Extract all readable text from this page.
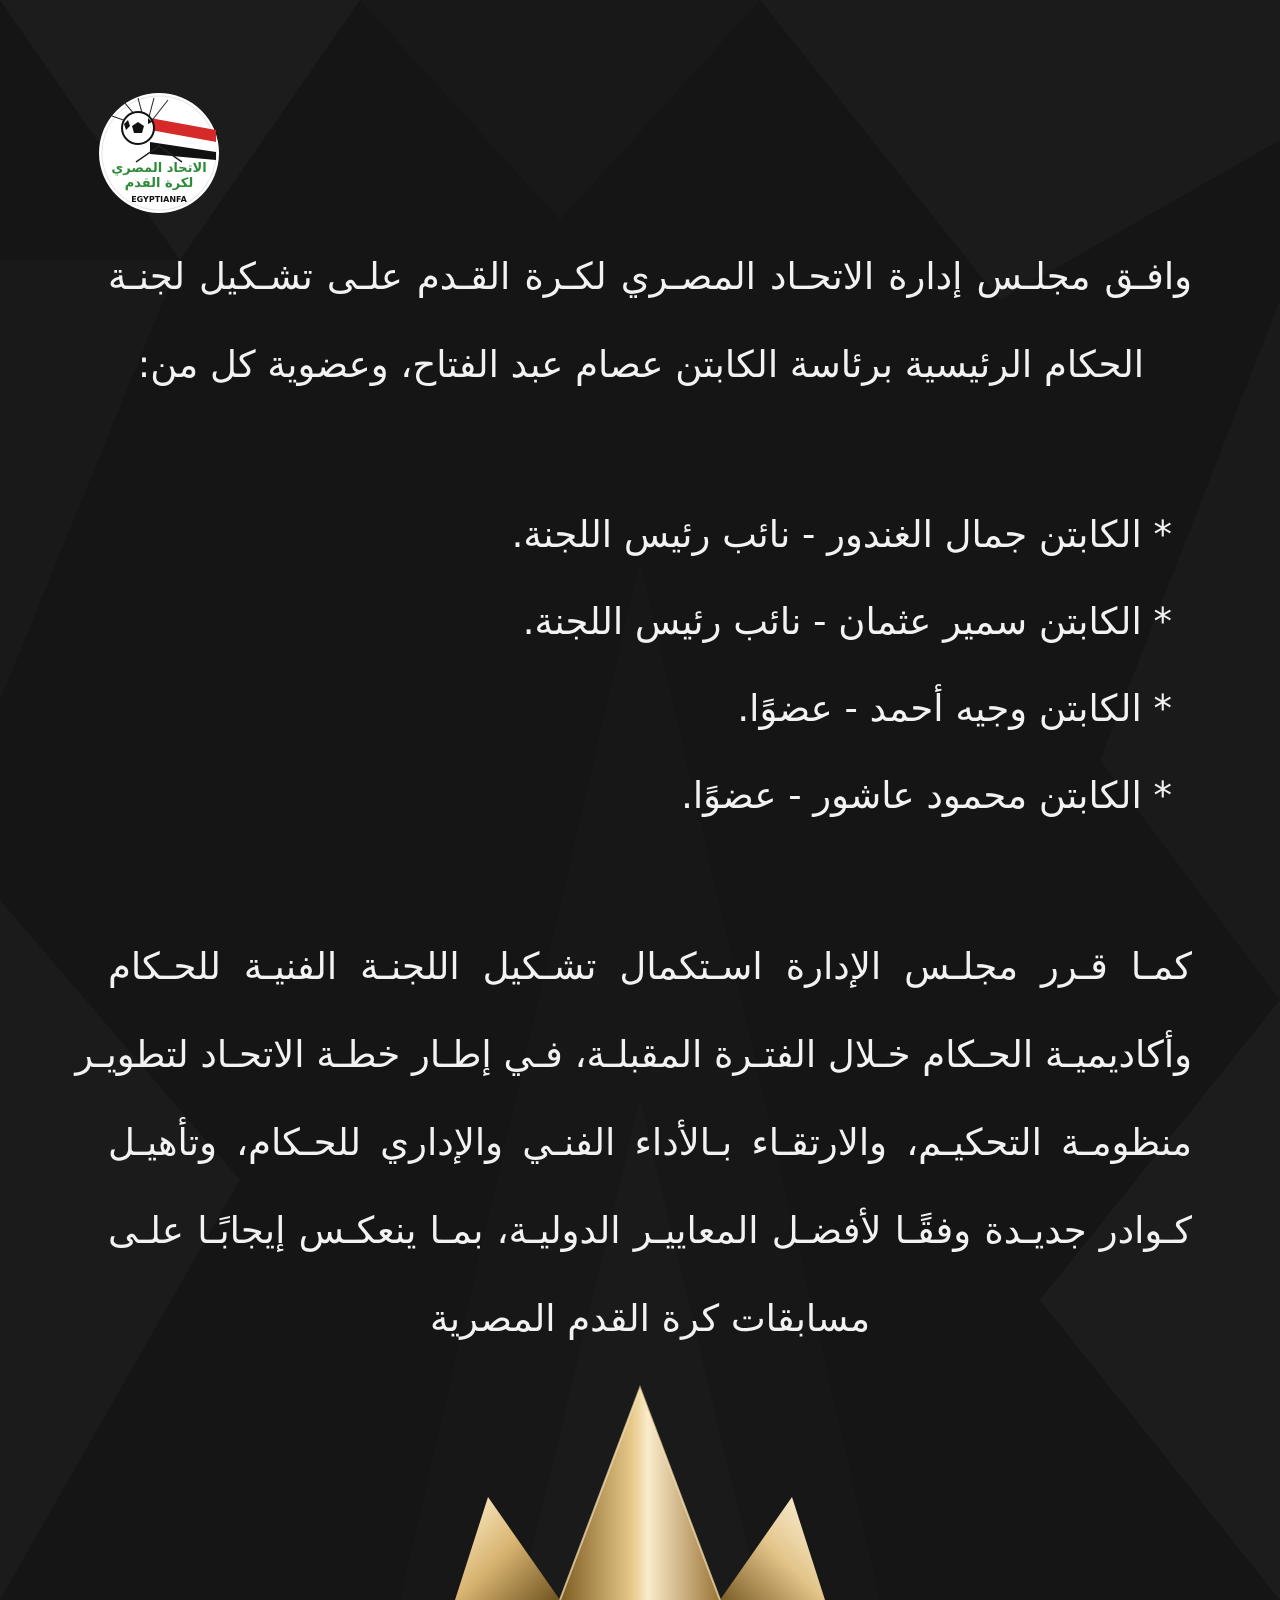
الاتحاد المصري
لكرة القدم
EGYPTIANFA
وافـق مجلـس إدارة الاتحـاد المصـري لكـرة القـدم علـى تشـكيل لجنـة
الحكام الرئيسية برئاسة الكابتن عصام عبد الفتاح، وعضوية كل من:
* الكابتن جمال الغندور - نائب رئيس اللجنة.
* الكابتن سمير عثمان - نائب رئيس اللجنة.
* الكابتن وجيه أحمد - عضوًا.
* الكابتن محمود عاشور - عضوًا.
كمـا قـرر مجلـس الإدارة اسـتكمال تشـكيل اللجنـة الفنيـة للحـكام
وأكاديميـة الحـكام خـلال الفتـرة المقبلـة، فـي إطـار خطـة الاتحـاد لتطويـر
منظومـة التحكيـم، والارتقـاء بـالأداء الفنـي والإداري للحـكام، وتأهيـل
كـوادر جديـدة وفقًـا لأفضـل المعاييـر الدوليـة، بمـا ينعكـس إيجابًـا علـى
مسابقات كرة القدم المصرية
